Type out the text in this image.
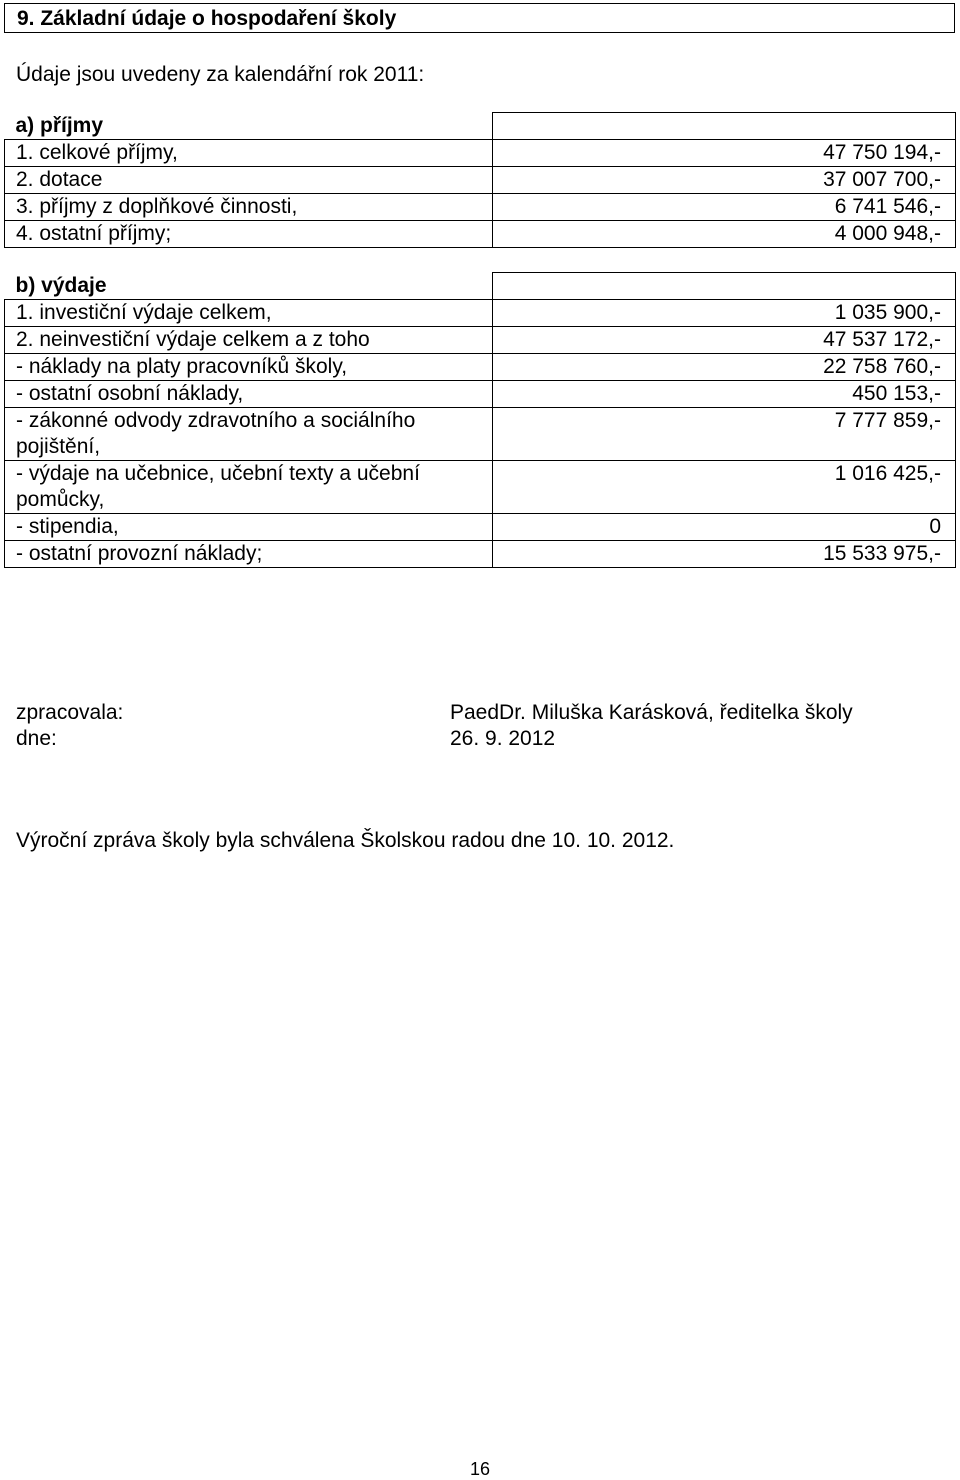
9. Základní údaje o hospodaření školy
Údaje jsou uvedeny za kalendářní rok 2011:
a) příjmy	
1. celkové příjmy,	47 750 194,-
2. dotace	37 007 700,-
3. příjmy z doplňkové činnosti,	6 741 546,-
4. ostatní příjmy;	4 000 948,-
b) výdaje	
1. investiční výdaje celkem,	1 035 900,-
2. neinvestiční výdaje celkem a z toho	47 537 172,-
- náklady na platy pracovníků školy,	22 758 760,-
- ostatní osobní náklady,	450 153,-
- zákonné odvody zdravotního a sociálního pojištění,	7 777 859,-
- výdaje na učebnice, učební texty a učební pomůcky,	1 016 425,-
- stipendia,	0
- ostatní provozní náklady;	15 533 975,-
zpracovala:	PaedDr. Miluška Karásková, ředitelka školy
dne:	26. 9. 2012
Výroční zpráva školy byla schválena Školskou radou dne 10. 10. 2012.
16
